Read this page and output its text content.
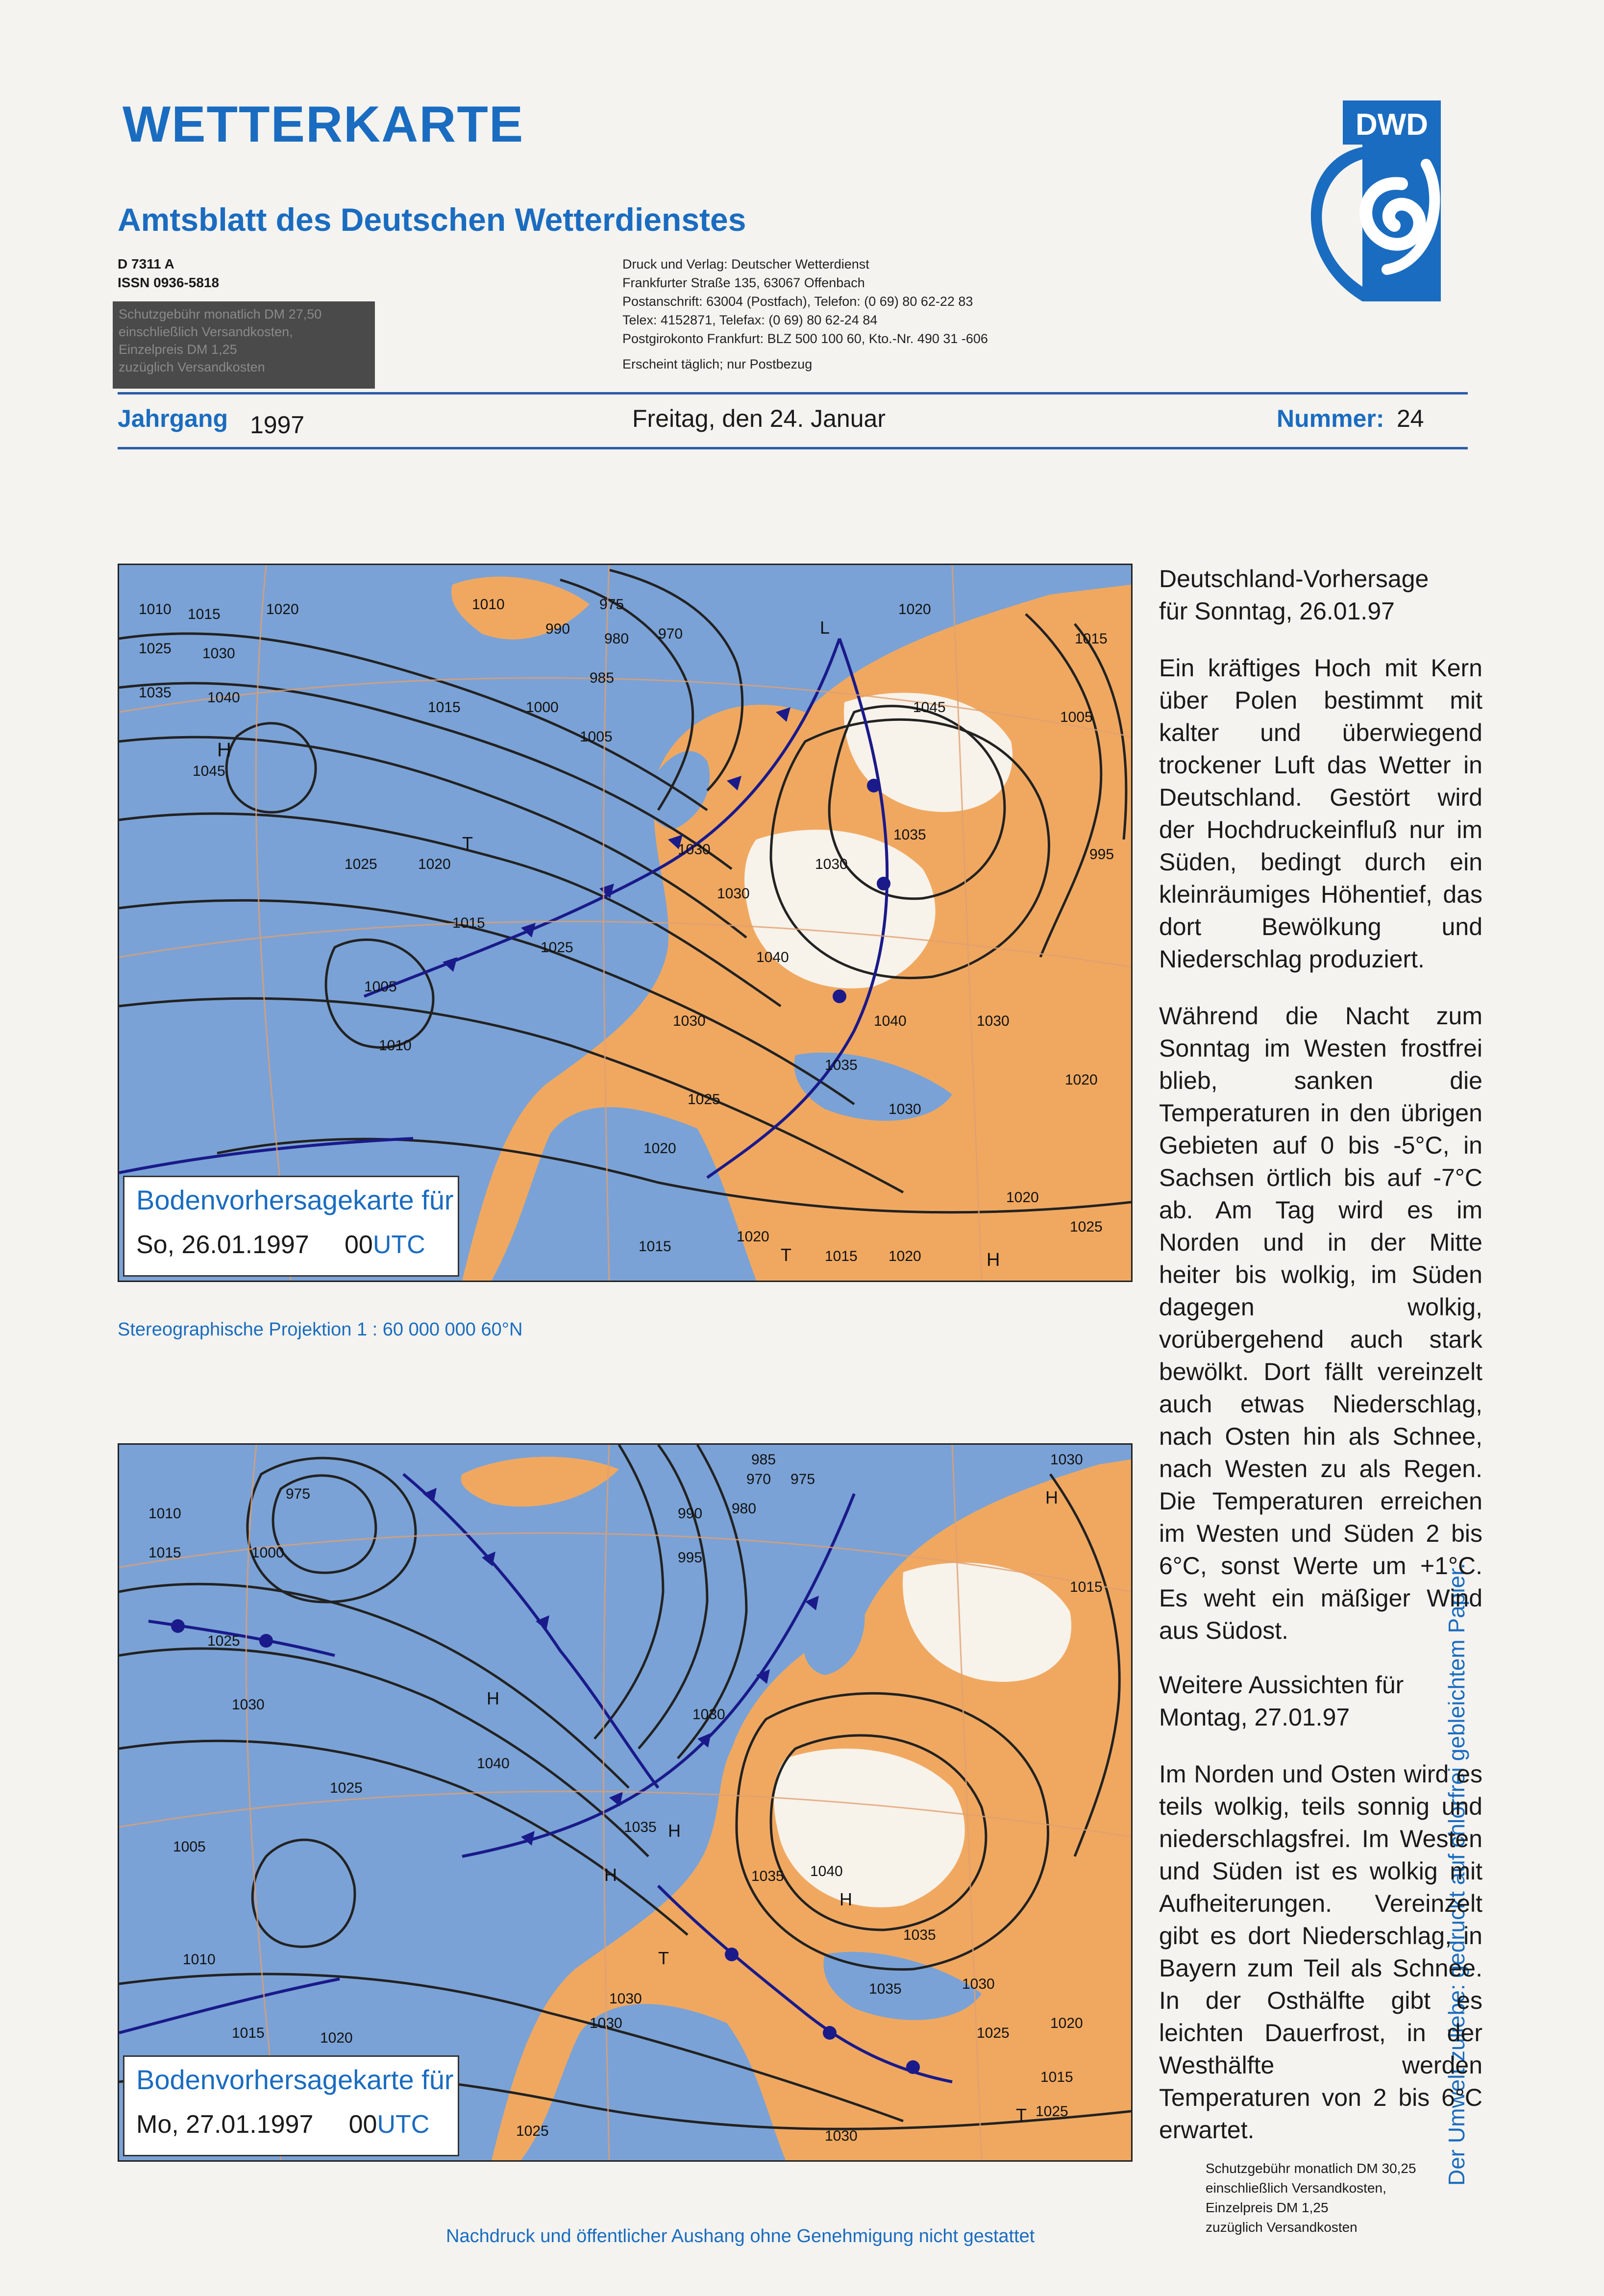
WETTERKARTE
Amtsblatt des Deutschen Wetterdienstes
D 7311 A
ISSN 0936-5818
Schutzgebühr monatlich DM 27,50
einschließlich Versandkosten,
Einzelpreis DM 1,25
zuzüglich Versandkosten
Druck und Verlag: Deutscher Wetterdienst
Frankfurter Straße 135, 63067 Offenbach
Postanschrift: 63004 (Postfach), Telefon: (0 69) 80 62-22 83
Telex: 4152871, Telefax: (0 69) 80 62-24 84
Postgirokonto Frankfurt: BLZ 500 100 60, Kto.-Nr. 490 31 -606
Erscheint täglich; nur Postbezug
DWD
Jahrgang 1997	Freitag, den 24. Januar	Nummer: 24
1010 1015	1020
1025 1030
1035 1040
1045
H
990
975
980 970
985
1000
1005
1010
1015
1020
1025
1030
1025
1020
1005
1010
1015
1045
1035
1040
1030	1040
1035
1030
1025
1020
1030
1020
1020
1025
1015
1005
995
1015 1020
1030
1030
1015
1020
T	H
T
L
Bodenvorhersagekarte für
So, 26.01.1997 00UTC
Stereographische Projektion 1 : 60 000 000 60°N
1010
1015	1000
975
1025
1030
985
970 975
980
990
995
1030
H
1040
1025
1035
1030
H
H	1035 1040
H
1035
1035	1030
1025
1005
1010
1015	1020
1025
1030	1020
1015
1030
1015
1025
T
T
H
1030
Bodenvorhersagekarte für
Mo, 27.01.1997 00UTC	Der Umwelt zuliebe: gedruckt auf chlorfrei gebleichtem Papier.
Deutschland-Vorhersage
für Sonntag, 26.01.97

Ein kräftiges Hoch mit Kern über Polen bestimmt mit kalter und überwiegend trockener Luft das Wetter in Deutschland. Gestört wird der Hochdruckeinfluß nur im Süden, bedingt durch ein kleinräumiges Höhentief, das dort Bewölkung und Niederschlag produziert.

Während die Nacht zum Sonntag im Westen frostfrei blieb, sanken die Temperaturen in den übrigen Gebieten auf 0 bis -5°C, in Sachsen örtlich bis auf -7°C ab. Am Tag wird es im Norden und in der Mitte heiter bis wolkig, im Süden dagegen wolkig, vorübergehend auch stark bewölkt. Dort fällt vereinzelt auch etwas Niederschlag, nach Osten hin als Schnee, nach Westen zu als Regen. Die Temperaturen erreichen im Westen und Süden 2 bis 6°C, sonst Werte um +1°C. Es weht ein mäßiger Wind aus Südost.

Weitere Aussichten für
Montag, 27.01.97

Im Norden und Osten wird es teils wolkig, teils sonnig und niederschlagsfrei. Im Westen und Süden ist es wolkig mit Aufheiterungen. Vereinzelt gibt es dort Niederschlag, in Bayern zum Teil als Schnee. In der Osthälfte gibt es leichten Dauerfrost, in der Westhälfte werden Temperaturen von 2 bis 6°C erwartet.

Schutzgebühr monatlich DM 30,25
einschließlich Versandkosten,
Einzelpreis DM 1,25
zuzüglich Versandkosten
Nachdruck und öffentlicher Aushang ohne Genehmigung nicht gestattet
